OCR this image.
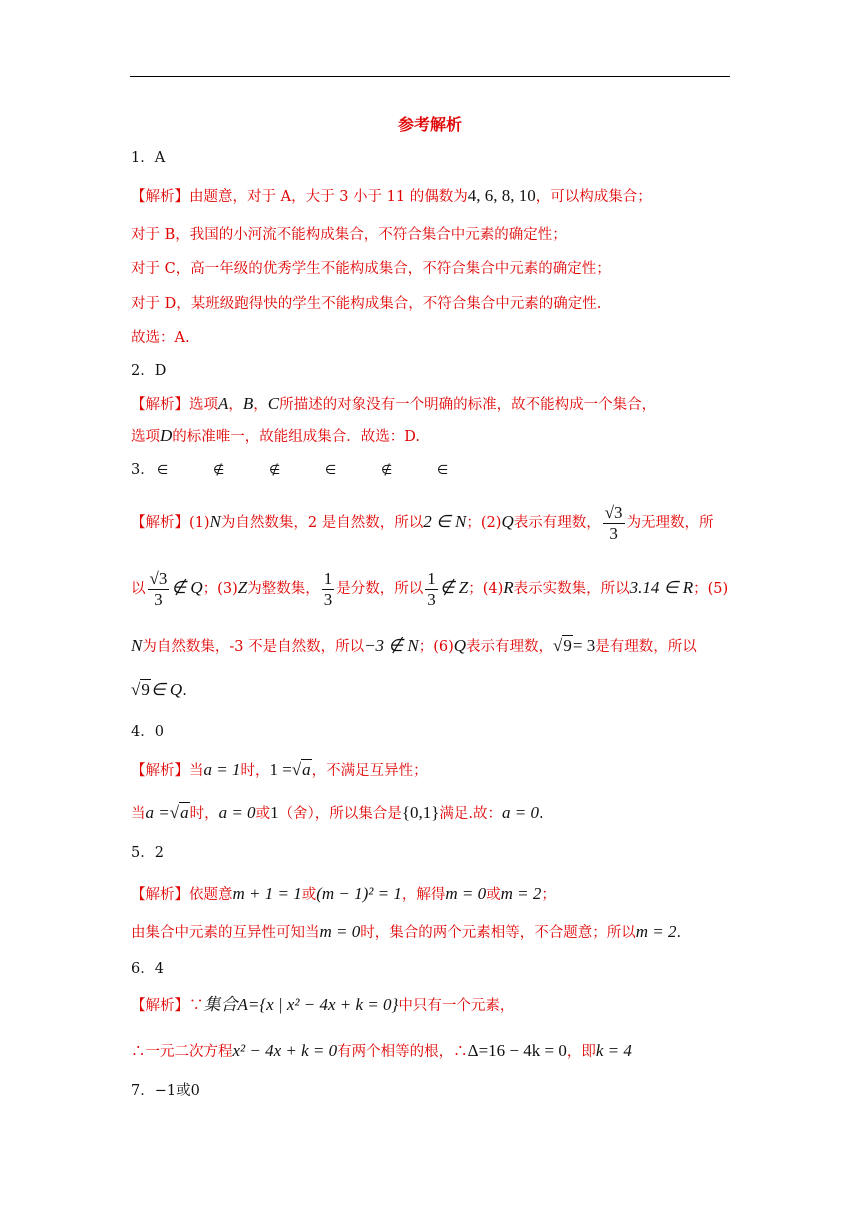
参考解析
1．A
【解析】由题意，对于 A，大于 3 小于 11 的偶数为4, 6, 8, 10，可以构成集合；
对于 B，我国的小河流不能构成集合，不符合集合中元素的确定性；
对于 C，高一年级的优秀学生不能构成集合，不符合集合中元素的确定性；
对于 D，某班级跑得快的学生不能构成集合，不符合集合中元素的确定性.
故选：A.
2．D
【解析】选项A，B，C所描述的对象没有一个明确的标准，故不能构成一个集合，
选项D的标准唯一，故能组成集合．故选：D.
3． ∈	∉	∉	∈	∉	∈
【解析】(1)N为自然数集，2 是自然数，所以2 ∈ N；(2)Q表示有理数， $\frac{√3}{3}$ 为无理数，所
以 $\frac{√3}{3}$ ∉ Q；(3)Z为整数集， $\frac{1}{3}$ 是分数，所以 $\frac{1}{3}$ ∉ Z；(4)R表示实数集，所以3.14 ∈ R；(5)
N为自然数集，-3 不是自然数，所以−3 ∉ N；(6)Q表示有理数，√9= 3是有理数，所以
√9∈ Q.
4．0
【解析】当a = 1时，1 =√a，不满足互异性；
当a =√a时，a = 0或1（舍），所以集合是{0,1}满足.故：a = 0.
5．2
【解析】依题意m + 1 = 1或(m − 1)² = 1，解得m = 0或m = 2；
由集合中元素的互异性可知当m = 0时，集合的两个元素相等，不合题意；所以m = 2.
6．4
【解析】∵集合A={x | x² − 4x + k = 0}中只有一个元素，
∴一元二次方程x² − 4x + k = 0有两个相等的根，∴Δ=16 − 4k = 0，即k = 4
7．−1或0
